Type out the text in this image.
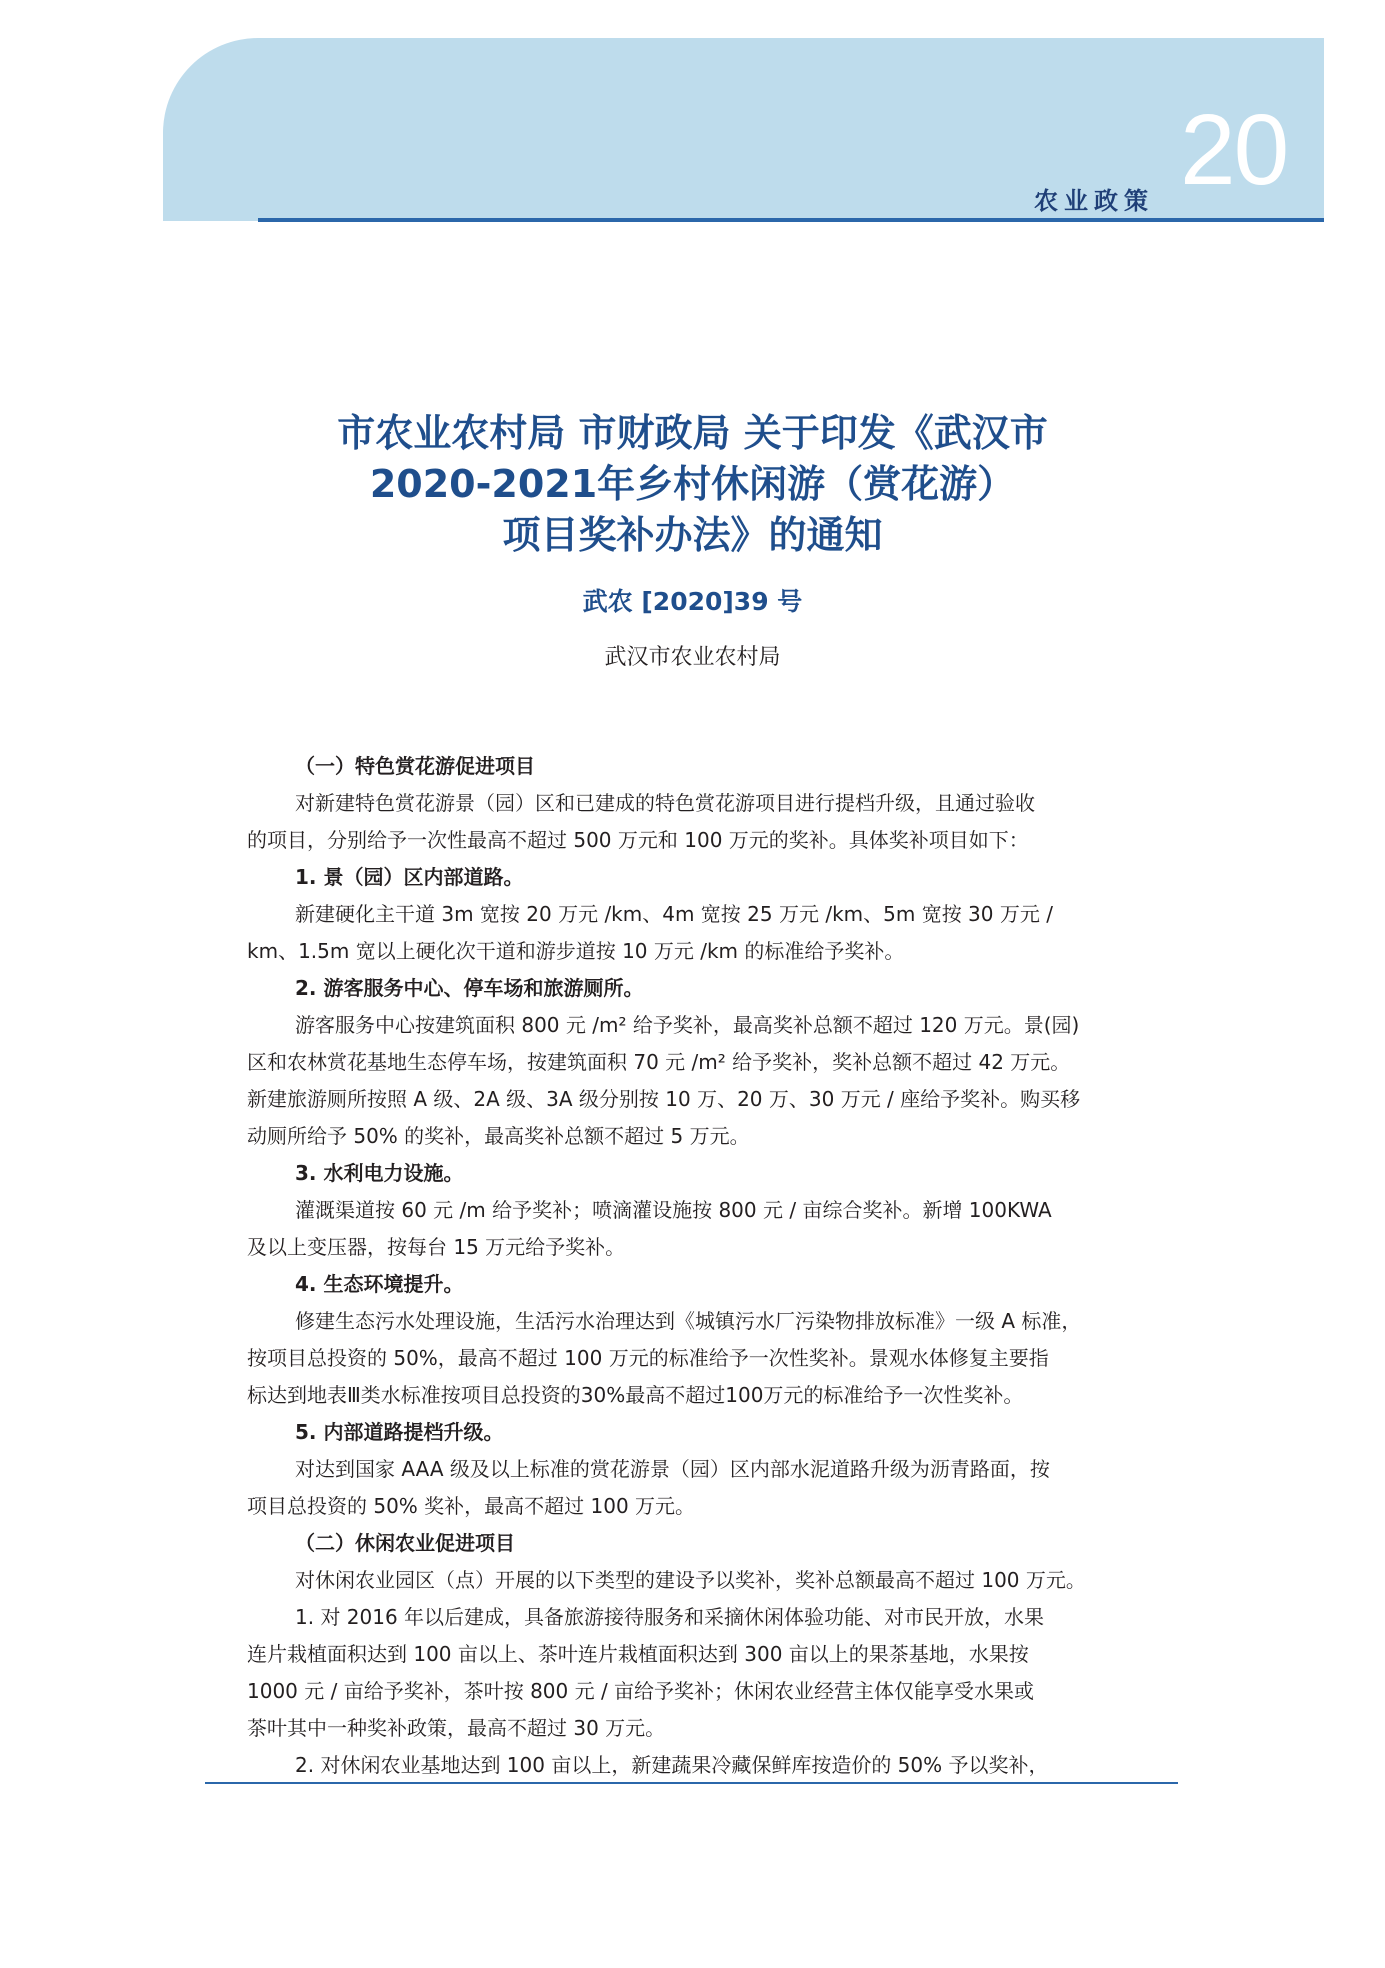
农业政策 20
市农业农村局 市财政局 关于印发《武汉市
2020-2021年乡村休闲游（赏花游）
项目奖补办法》的通知
武农 [2020]39 号
武汉市农业农村局

（一）特色赏花游促进项目

对新建特色赏花游景（园）区和已建成的特色赏花游项目进行提档升级，且通过验收

的项目，分别给予一次性最高不超过 500 万元和 100 万元的奖补。具体奖补项目如下：

1. 景（园）区内部道路。

新建硬化主干道 3m 宽按 20 万元 /km、4m 宽按 25 万元 /km、5m 宽按 30 万元 /

km、1.5m 宽以上硬化次干道和游步道按 10 万元 /km 的标准给予奖补。

2. 游客服务中心、停车场和旅游厕所。

游客服务中心按建筑面积 800 元 /m² 给予奖补，最高奖补总额不超过 120 万元。景(园)

区和农林赏花基地生态停车场，按建筑面积 70 元 /m² 给予奖补，奖补总额不超过 42 万元。

新建旅游厕所按照 A 级、2A 级、3A 级分别按 10 万、20 万、30 万元 / 座给予奖补。购买移

动厕所给予 50% 的奖补，最高奖补总额不超过 5 万元。

3. 水利电力设施。

灌溉渠道按 60 元 /m 给予奖补；喷滴灌设施按 800 元 / 亩综合奖补。新增 100KWA

及以上变压器，按每台 15 万元给予奖补。

4. 生态环境提升。

修建生态污水处理设施，生活污水治理达到《城镇污水厂污染物排放标准》一级 A 标准，

按项目总投资的 50%，最高不超过 100 万元的标准给予一次性奖补。景观水体修复主要指

标达到地表Ⅲ类水标准按项目总投资的30%最高不超过100万元的标准给予一次性奖补。

5. 内部道路提档升级。

对达到国家 AAA 级及以上标准的赏花游景（园）区内部水泥道路升级为沥青路面，按

项目总投资的 50% 奖补，最高不超过 100 万元。

（二）休闲农业促进项目

对休闲农业园区（点）开展的以下类型的建设予以奖补，奖补总额最高不超过 100 万元。

1. 对 2016 年以后建成，具备旅游接待服务和采摘休闲体验功能、对市民开放，水果

连片栽植面积达到 100 亩以上、茶叶连片栽植面积达到 300 亩以上的果茶基地，水果按

1000 元 / 亩给予奖补，茶叶按 800 元 / 亩给予奖补；休闲农业经营主体仅能享受水果或

茶叶其中一种奖补政策，最高不超过 30 万元。

2. 对休闲农业基地达到 100 亩以上，新建蔬果冷藏保鲜库按造价的 50% 予以奖补，
